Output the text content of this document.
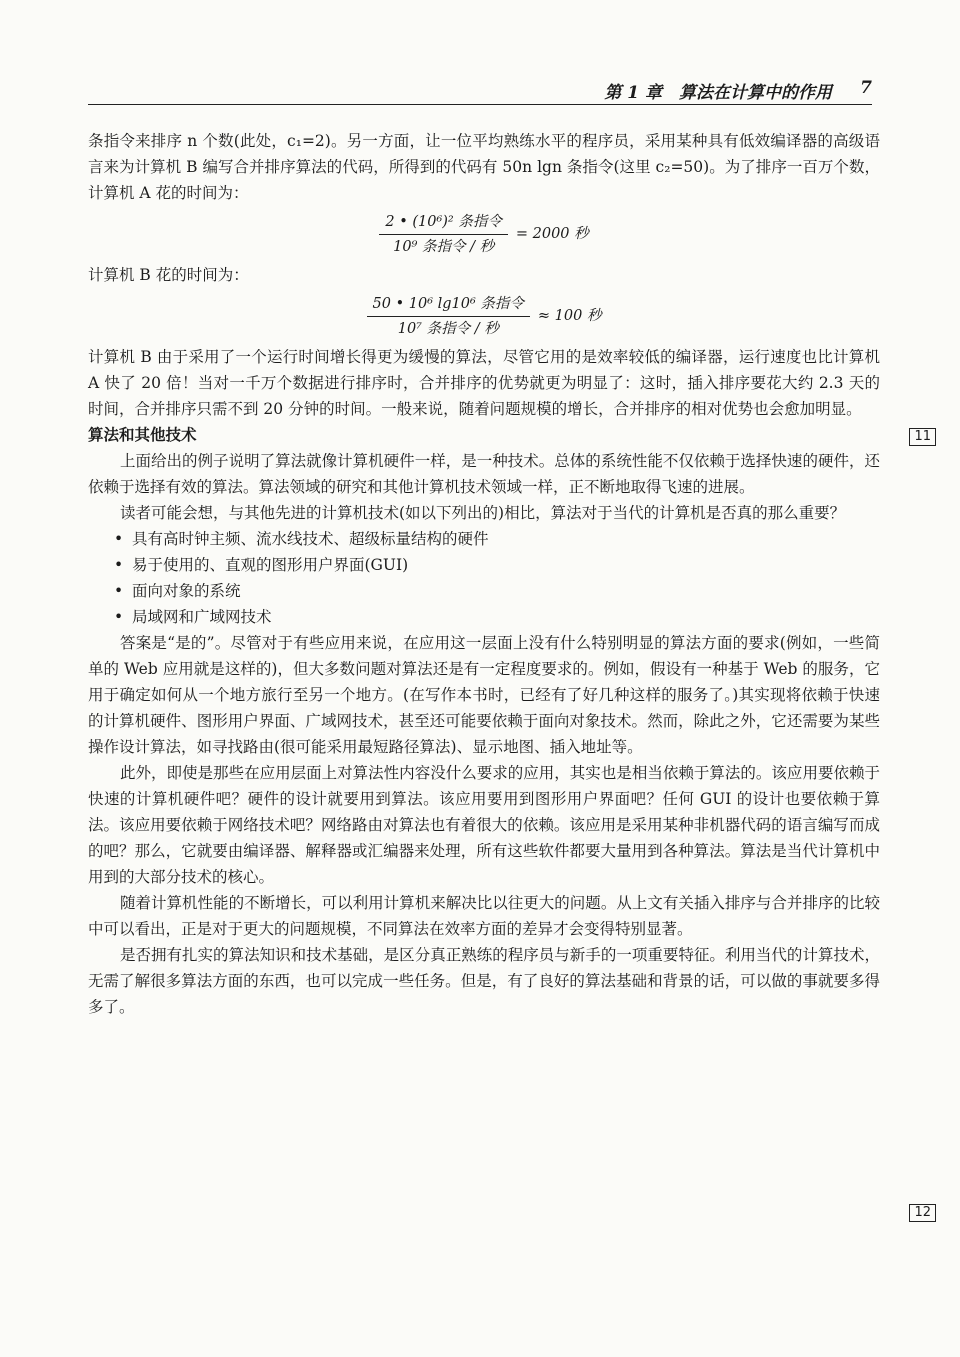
第 1 章　算法在计算中的作用 7

条指令来排序 n 个数(此处，c₁=2)。另一方面，让一位平均熟练水平的程序员，采用某种具有低效编译器的高级语言来为计算机 B 编写合并排序算法的代码，所得到的代码有 50n lgn 条指令(这里 c₂=50)。为了排序一百万个数，计算机 A 花的时间为：

$\frac{\text{2 • (10⁶)² 条指令}}{\text{10⁹ 条指令 / 秒}} = 2000$ 秒

计算机 B 花的时间为：

$\frac{\text{50 • 10⁶ lg10⁶ 条指令}}{\text{10⁷ 条指令 / 秒}} \approx 100$ 秒

计算机 B 由于采用了一个运行时间增长得更为缓慢的算法，尽管它用的是效率较低的编译器，运行速度也比计算机 A 快了 20 倍！当对一千万个数据进行排序时，合并排序的优势就更为明显了：这时，插入排序要花大约 2.3 天的时间，合并排序只需不到 20 分钟的时间。一般来说，随着问题规模的增长，合并排序的相对优势也会愈加明显。

算法和其他技术

上面给出的例子说明了算法就像计算机硬件一样，是一种技术。总体的系统性能不仅依赖于选择快速的硬件，还依赖于选择有效的算法。算法领域的研究和其他计算机技术领域一样，正不断地取得飞速的进展。

读者可能会想，与其他先进的计算机技术(如以下列出的)相比，算法对于当代的计算机是否真的那么重要？

• 具有高时钟主频、流水线技术、超级标量结构的硬件
• 易于使用的、直观的图形用户界面(GUI)
• 面向对象的系统
• 局域网和广域网技术

答案是“是的”。尽管对于有些应用来说，在应用这一层面上没有什么特别明显的算法方面的要求(例如，一些简单的 Web 应用就是这样的)，但大多数问题对算法还是有一定程度要求的。例如，假设有一种基于 Web 的服务，它用于确定如何从一个地方旅行至另一个地方。(在写作本书时，已经有了好几种这样的服务了。)其实现将依赖于快速的计算机硬件、图形用户界面、广域网技术，甚至还可能要依赖于面向对象技术。然而，除此之外，它还需要为某些操作设计算法，如寻找路由(很可能采用最短路径算法)、显示地图、插入地址等。

此外，即使是那些在应用层面上对算法性内容没什么要求的应用，其实也是相当依赖于算法的。该应用要依赖于快速的计算机硬件吧？硬件的设计就要用到算法。该应用要用到图形用户界面吧？任何 GUI 的设计也要依赖于算法。该应用要依赖于网络技术吧？网络路由对算法也有着很大的依赖。该应用是采用某种非机器代码的语言编写而成的吧？那么，它就要由编译器、解释器或汇编器来处理，所有这些软件都要大量用到各种算法。算法是当代计算机中用到的大部分技术的核心。

随着计算机性能的不断增长，可以利用计算机来解决比以往更大的问题。从上文有关插入排序与合并排序的比较中可以看出，正是对于更大的问题规模，不同算法在效率方面的差异才会变得特别显著。

是否拥有扎实的算法知识和技术基础，是区分真正熟练的程序员与新手的一项重要特征。利用当代的计算技术，无需了解很多算法方面的东西，也可以完成一些任务。但是，有了良好的算法基础和背景的话，可以做的事就要多得多了。

11
12
